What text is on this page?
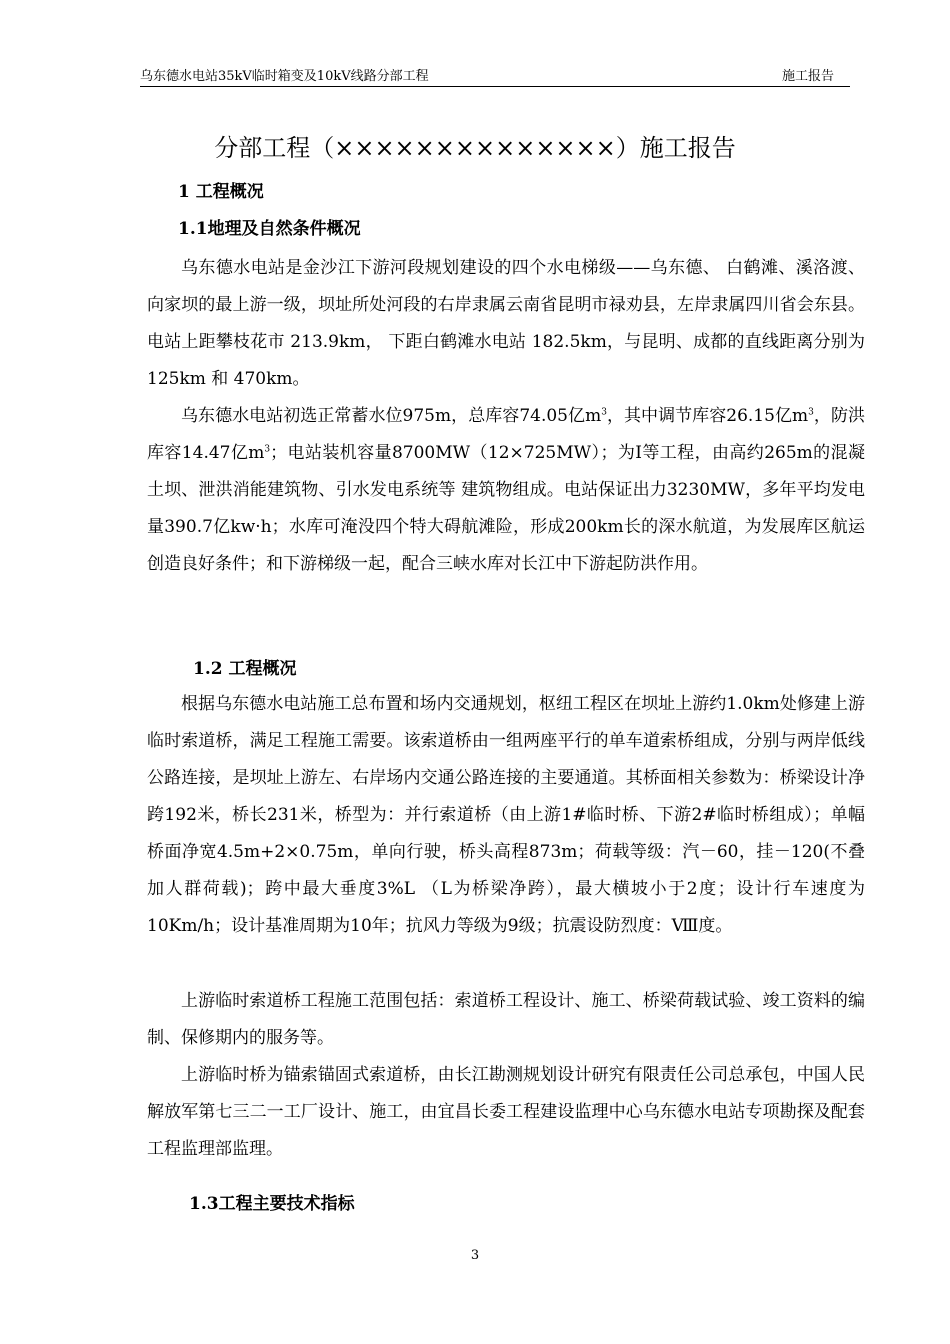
乌东德水电站35kV临时箱变及10kV线路分部工程	施工报告
分部工程（××××××××××××××）施工报告
1 工程概况
1.1地理及自然条件概况

乌东德水电站是金沙江下游河段规划建设的四个水电梯级——乌东德、 白鹤滩、溪洛渡、向家坝的最上游一级，坝址所处河段的右岸隶属云南省昆明市禄劝县，左岸隶属四川省会东县。电站上距攀枝花市 213.9km， 下距白鹤滩水电站 182.5km，与昆明、成都的直线距离分别为 125km 和 470km。

乌东德水电站初选正常蓄水位975m，总库容74.05亿$m^3$，其中调节库容26.15亿$m^3$，防洪库容14.47亿$m^3$；电站装机容量8700MW（12×725MW）；为Ⅰ等工程，由高约265m的混凝土坝、泄洪消能建筑物、引水发电系统等 建筑物组成。电站保证出力3230MW，多年平均发电量390.7亿kw·h；水库可淹没四个特大碍航滩险，形成200km长的深水航道，为发展库区航运创造良好条件；和下游梯级一起，配合三峡水库对长江中下游起防洪作用。

1.2 工程概况

根据乌东德水电站施工总布置和场内交通规划，枢纽工程区在坝址上游约1.0km处修建上游临时索道桥，满足工程施工需要。该索道桥由一组两座平行的单车道索桥组成，分别与两岸低线公路连接，是坝址上游左、右岸场内交通公路连接的主要通道。其桥面相关参数为：桥梁设计净跨192米，桥长231米，桥型为：并行索道桥（由上游1#临时桥、下游2#临时桥组成）；单幅桥面净宽4.5m+2×0.75m，单向行驶，桥头高程873m；荷载等级：汽－60，挂－120(不叠加人群荷载)；跨中最大垂度3%L （L为桥梁净跨），最大横坡小于2度；设计行车速度为10Km/h；设计基准周期为10年；抗风力等级为9级；抗震设防烈度：Ⅷ度。

上游临时索道桥工程施工范围包括：索道桥工程设计、施工、桥梁荷载试验、竣工资料的编制、保修期内的服务等。

上游临时桥为锚索锚固式索道桥，由长江勘测规划设计研究有限责任公司总承包，中国人民解放军第七三二一工厂设计、施工，由宜昌长委工程建设监理中心乌东德水电站专项勘探及配套工程监理部监理。

1.3工程主要技术指标
3
